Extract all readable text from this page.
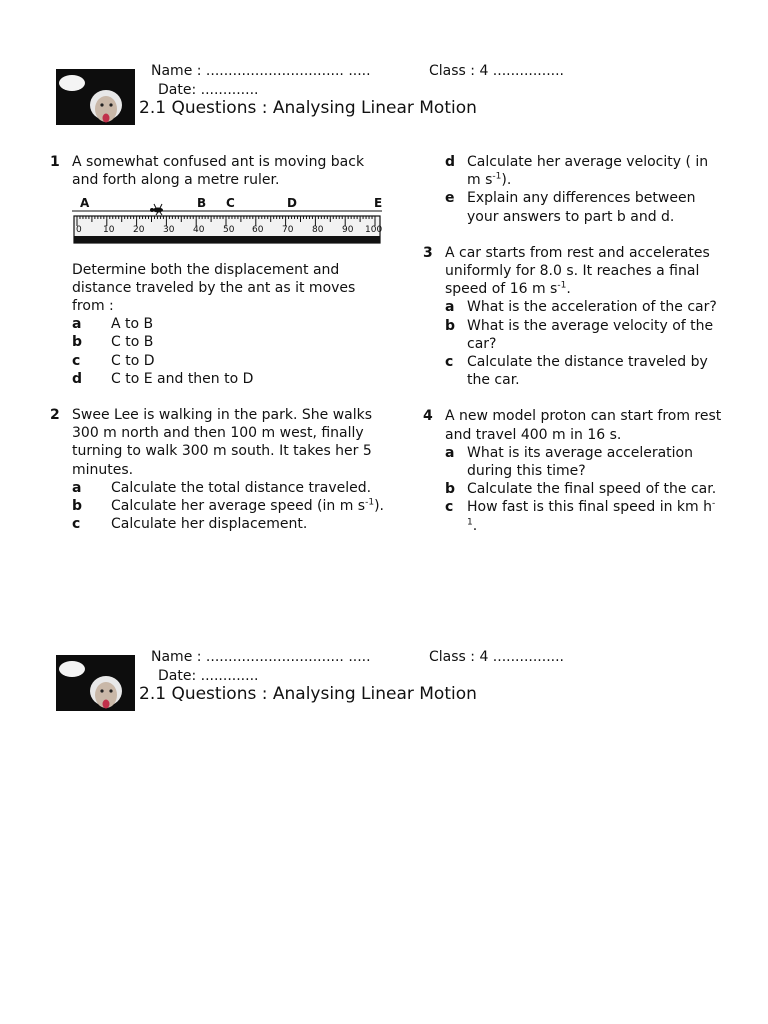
Name : ............................... .....	Class : 4 ................
Date: .............
2.1 Questions : Analysing Linear Motion
1 A somewhat confused ant is moving back and forth along a metre ruler.
A	B C	D	E
0 10 20 30 40 50 60 70 80 90 100
Determine both the displacement and distance traveled by the ant as it moves from :
a A to B
b C to B
c C to D
d C to E and then to D
2 Swee Lee is walking in the park. She walks 300 m north and then 100 m west, finally turning to walk 300 m south. It takes her 5 minutes.
a Calculate the total distance traveled.
b Calculate her average speed (in m $s^{-1}$).
c Calculate her displacement.
d Calculate her average velocity ( in m $s^{-1}$).
e Explain any differences between your answers to part b and d.
3 A car starts from rest and accelerates uniformly for 8.0 s. It reaches a final speed of 16 m $s^{-1}$.
a What is the acceleration of the car?
b What is the average velocity of the car?
c Calculate the distance traveled by the car.
4 A new model proton can start from rest and travel 400 m in 16 s.
a What is its average acceleration during this time?
b Calculate the final speed of the car.
c How fast is this final speed in km $h^{-1}$.
Name : ............................... .....	Class : 4 ................
Date: .............
2.1 Questions : Analysing Linear Motion
